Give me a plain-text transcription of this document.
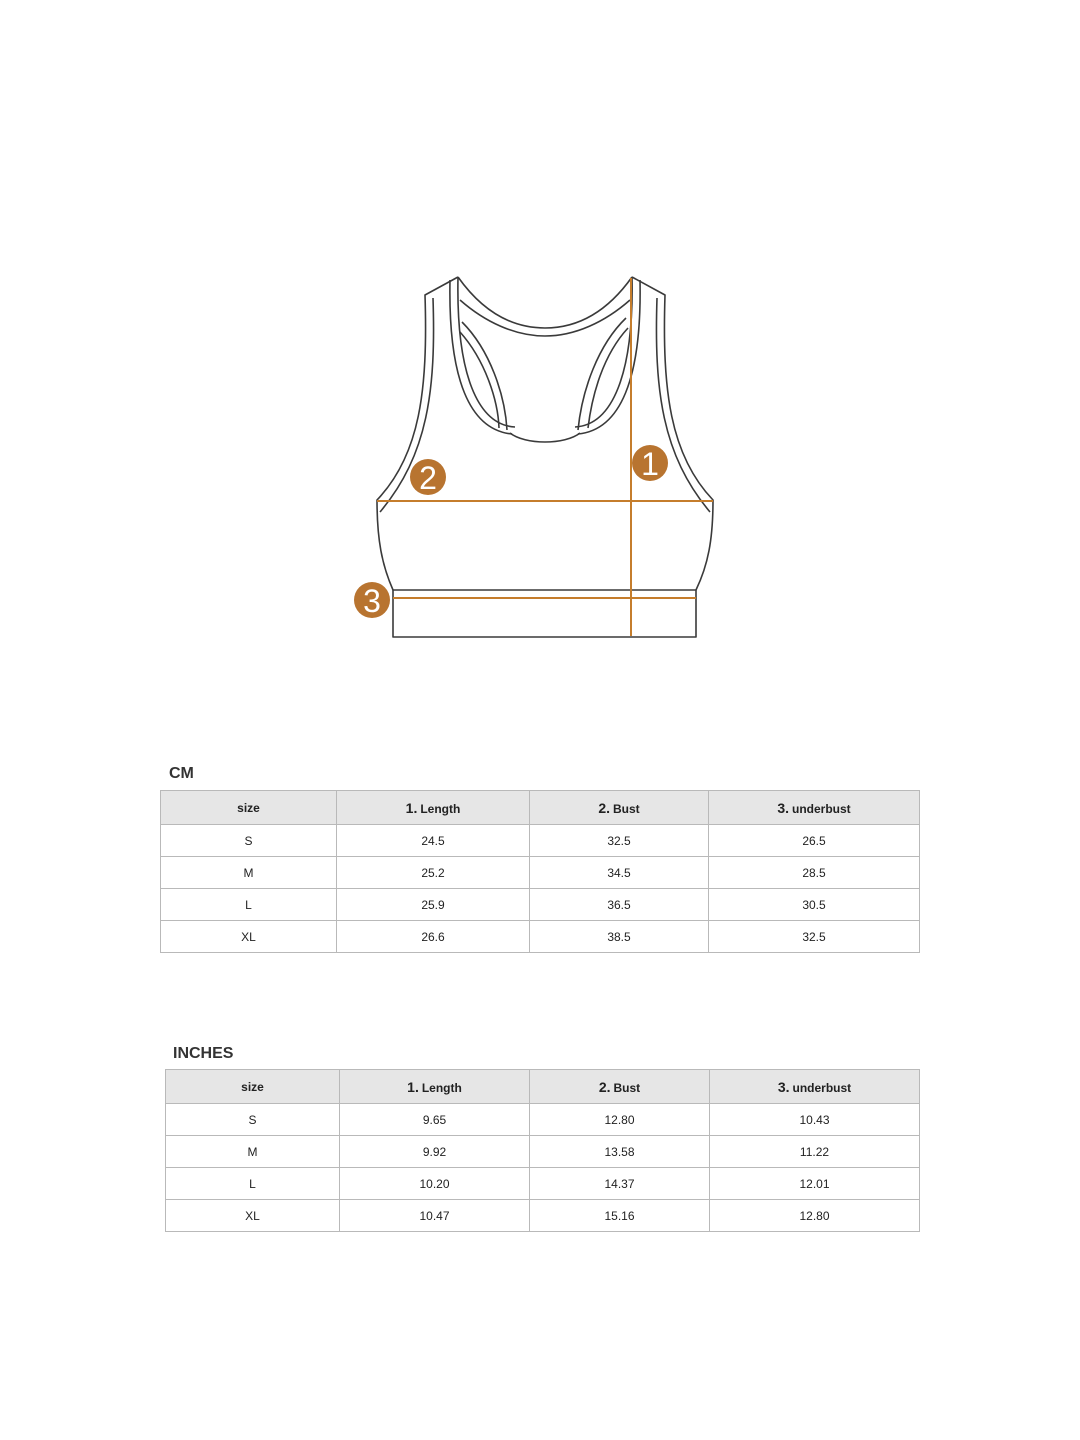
1
2
3
CM
size	1. Length	2. Bust	3. underbust
S	24.5	32.5	26.5
M	25.2	34.5	28.5
L	25.9	36.5	30.5
XL	26.6	38.5	32.5
INCHES
size	1. Length	2. Bust	3. underbust
S	9.65	12.80	10.43
M	9.92	13.58	11.22
L	10.20	14.37	12.01
XL	10.47	15.16	12.80
